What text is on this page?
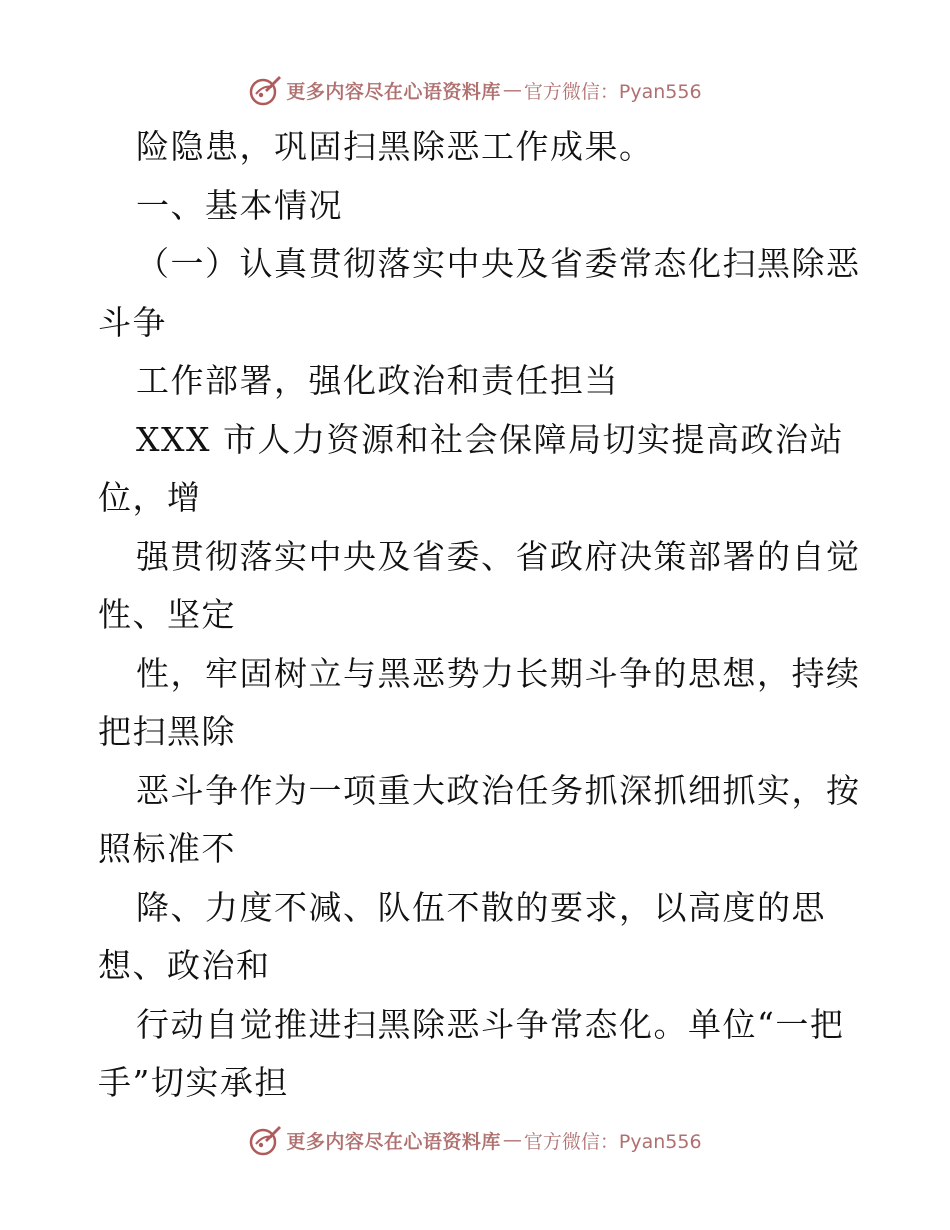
更多内容尽在心语资料库 — 官方微信：Pyan556
险隐患，巩固扫黑除恶工作成果。
一、基本情况
（一）认真贯彻落实中央及省委常态化扫黑除恶
斗争
工作部署，强化政治和责任担当
XXX 市人力资源和社会保障局切实提高政治站
位，增
强贯彻落实中央及省委、省政府决策部署的自觉
性、坚定
性，牢固树立与黑恶势力长期斗争的思想，持续
把扫黑除
恶斗争作为一项重大政治任务抓深抓细抓实，按
照标准不
降、力度不减、队伍不散的要求，以高度的思
想、政治和
行动自觉推进扫黑除恶斗争常态化。单位“一把
手”切实承担
更多内容尽在心语资料库 — 官方微信：Pyan556
